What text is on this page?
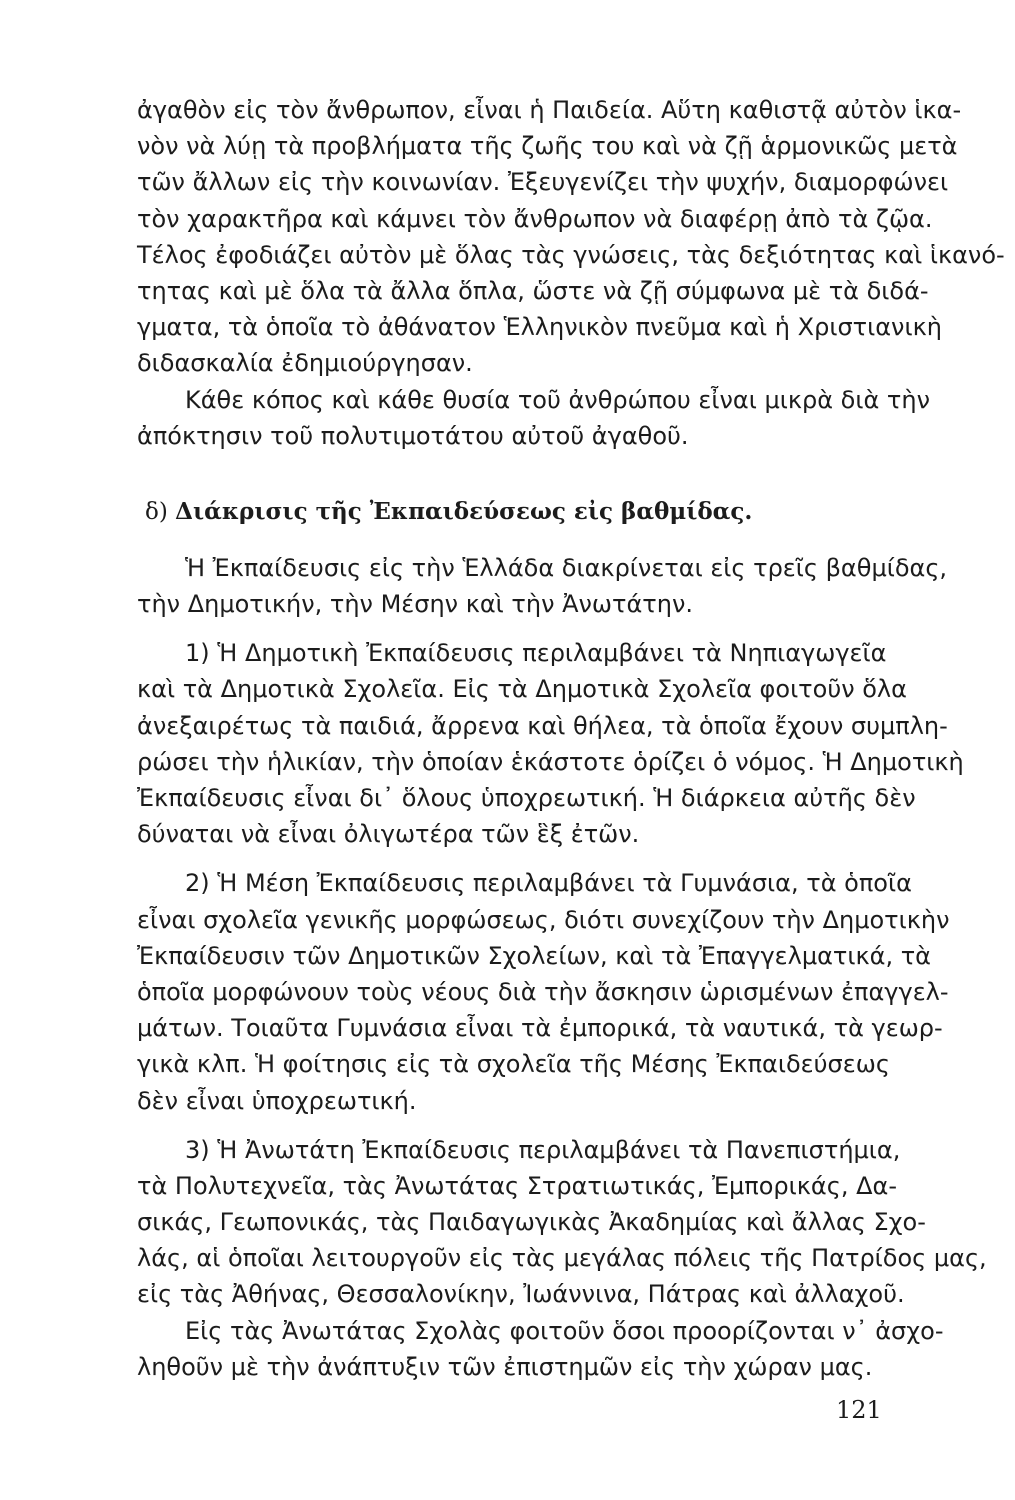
ἀγαθὸν εἰς τὸν ἄνθρωπον, εἶναι ἡ Παιδεία. Αὕτη καθιστᾷ αὐτὸν ἱκα-
νὸν νὰ λύῃ τὰ προβλήματα τῆς ζωῆς του καὶ νὰ ζῇ ἁρμονικῶς μετὰ
τῶν ἄλλων εἰς τὴν κοινωνίαν. Ἐξευγενίζει τὴν ψυχήν, διαμορφώνει
τὸν χαρακτῆρα καὶ κάμνει τὸν ἄνθρωπον νὰ διαφέρῃ ἀπὸ τὰ ζῷα.
Τέλος ἐφοδιάζει αὐτὸν μὲ ὅλας τὰς γνώσεις, τὰς δεξιότητας καὶ ἱκανό-
τητας καὶ μὲ ὅλα τὰ ἄλλα ὅπλα, ὥστε νὰ ζῇ σύμφωνα μὲ τὰ διδά-
γματα, τὰ ὁποῖα τὸ ἀθάνατον Ἑλληνικὸν πνεῦμα καὶ ἡ Χριστιανικὴ
διδασκαλία ἐδημιούργησαν.
Κάθε κόπος καὶ κάθε θυσία τοῦ ἀνθρώπου εἶναι μικρὰ διὰ τὴν
ἀπόκτησιν τοῦ πολυτιμοτάτου αὐτοῦ ἀγαθοῦ.
δ) Διάκρισις τῆς Ἐκπαιδεύσεως εἰς βαθμίδας.
Ἡ Ἐκπαίδευσις εἰς τὴν Ἑλλάδα διακρίνεται εἰς τρεῖς βαθμίδας,
τὴν Δημοτικήν, τὴν Μέσην καὶ τὴν Ἀνωτάτην.
1) Ἡ Δημοτικὴ Ἐκπαίδευσις περιλαμβάνει τὰ Νηπιαγωγεῖα
καὶ τὰ Δημοτικὰ Σχολεῖα. Εἰς τὰ Δημοτικὰ Σχολεῖα φοιτοῦν ὅλα
ἀνεξαιρέτως τὰ παιδιά, ἄρρενα καὶ θήλεα, τὰ ὁποῖα ἔχουν συμπλη-
ρώσει τὴν ἡλικίαν, τὴν ὁποίαν ἑκάστοτε ὁρίζει ὁ νόμος. Ἡ Δημοτικὴ
Ἐκπαίδευσις εἶναι δι᾽ ὅλους ὑποχρεωτική. Ἡ διάρκεια αὐτῆς δὲν
δύναται νὰ εἶναι ὀλιγωτέρα τῶν ἓξ ἐτῶν.
2) Ἡ Μέση Ἐκπαίδευσις περιλαμβάνει τὰ Γυμνάσια, τὰ ὁποῖα
εἶναι σχολεῖα γενικῆς μορφώσεως, διότι συνεχίζουν τὴν Δημοτικὴν
Ἐκπαίδευσιν τῶν Δημοτικῶν Σχολείων, καὶ τὰ Ἐπαγγελματικά, τὰ
ὁποῖα μορφώνουν τοὺς νέους διὰ τὴν ἄσκησιν ὡρισμένων ἐπαγγελ-
μάτων. Τοιαῦτα Γυμνάσια εἶναι τὰ ἐμπορικά, τὰ ναυτικά, τὰ γεωρ-
γικὰ κλπ. Ἡ φοίτησις εἰς τὰ σχολεῖα τῆς Μέσης Ἐκπαιδεύσεως
δὲν εἶναι ὑποχρεωτική.
3) Ἡ Ἀνωτάτη Ἐκπαίδευσις περιλαμβάνει τὰ Πανεπιστήμια,
τὰ Πολυτεχνεῖα, τὰς Ἀνωτάτας Στρατιωτικάς, Ἐμπορικάς, Δα-
σικάς, Γεωπονικάς, τὰς Παιδαγωγικὰς Ἀκαδημίας καὶ ἄλλας Σχο-
λάς, αἱ ὁποῖαι λειτουργοῦν εἰς τὰς μεγάλας πόλεις τῆς Πατρίδος μας,
εἰς τὰς Ἀθήνας, Θεσσαλονίκην, Ἰωάννινα, Πάτρας καὶ ἀλλαχοῦ.
Εἰς τὰς Ἀνωτάτας Σχολὰς φοιτοῦν ὅσοι προορίζονται ν᾽ ἀσχο-
ληθοῦν μὲ τὴν ἀνάπτυξιν τῶν ἐπιστημῶν εἰς τὴν χώραν μας.
121
